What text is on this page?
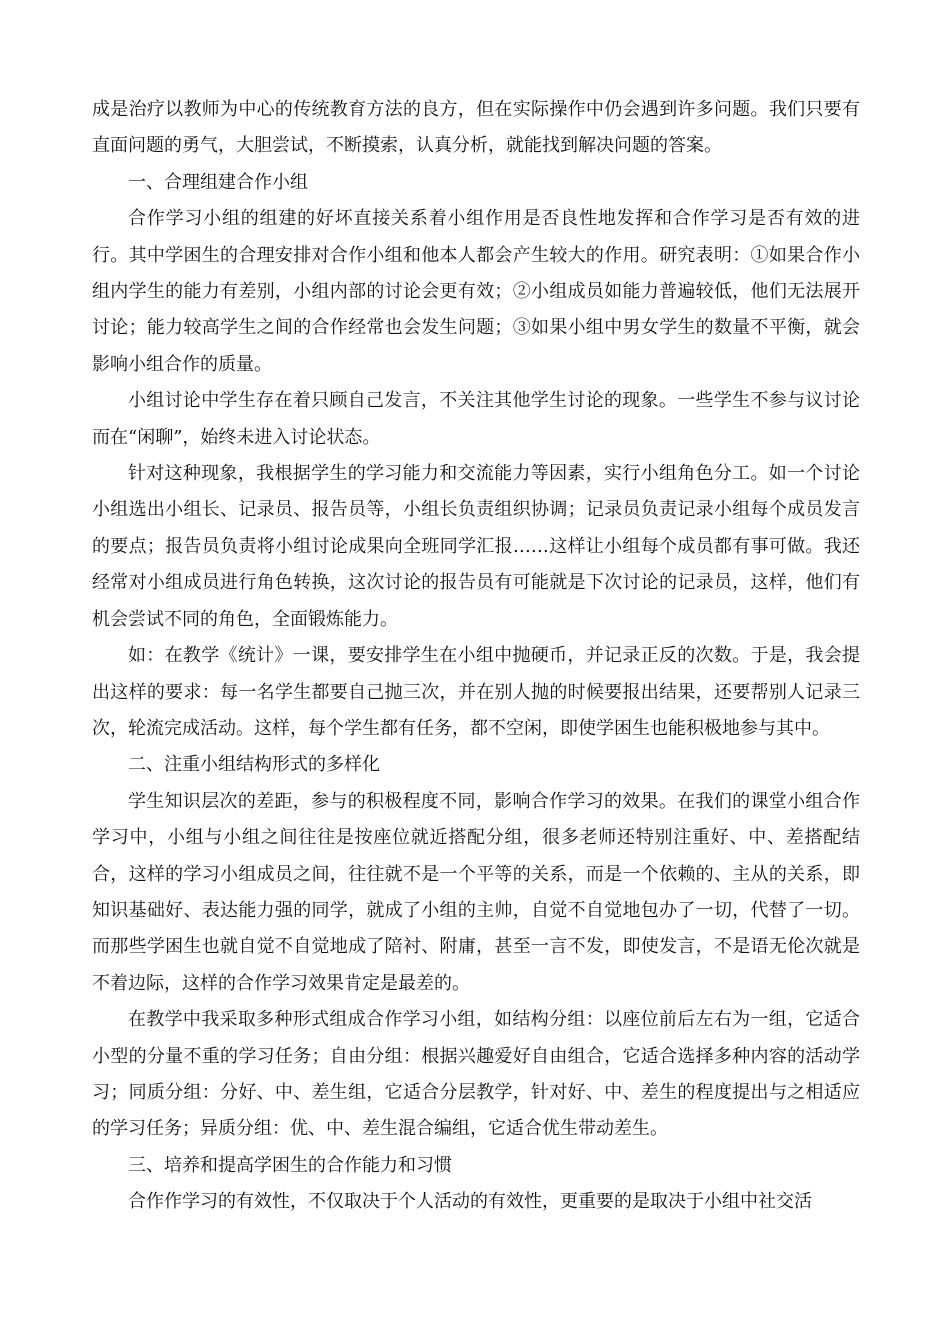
成是治疗以教师为中心的传统教育方法的良方，但在实际操作中仍会遇到许多问题。我们只要有直面问题的勇气，大胆尝试，不断摸索，认真分析，就能找到解决问题的答案。

一、合理组建合作小组

合作学习小组的组建的好坏直接关系着小组作用是否良性地发挥和合作学习是否有效的进行。其中学困生的合理安排对合作小组和他本人都会产生较大的作用。研究表明：①如果合作小组内学生的能力有差别，小组内部的讨论会更有效；②小组成员如能力普遍较低，他们无法展开讨论；能力较高学生之间的合作经常也会发生问题；③如果小组中男女学生的数量不平衡，就会影响小组合作的质量。

小组讨论中学生存在着只顾自己发言，不关注其他学生讨论的现象。一些学生不参与议讨论而在“闲聊”，始终未进入讨论状态。

针对这种现象，我根据学生的学习能力和交流能力等因素，实行小组角色分工。如一个讨论小组选出小组长、记录员、报告员等，小组长负责组织协调；记录员负责记录小组每个成员发言的要点；报告员负责将小组讨论成果向全班同学汇报……这样让小组每个成员都有事可做。我还经常对小组成员进行角色转换，这次讨论的报告员有可能就是下次讨论的记录员，这样，他们有机会尝试不同的角色，全面锻炼能力。

如：在教学《统计》一课，要安排学生在小组中抛硬币，并记录正反的次数。于是，我会提出这样的要求：每一名学生都要自己抛三次，并在别人抛的时候要报出结果，还要帮别人记录三次，轮流完成活动。这样，每个学生都有任务，都不空闲，即使学困生也能积极地参与其中。

二、注重小组结构形式的多样化

学生知识层次的差距，参与的积极程度不同，影响合作学习的效果。在我们的课堂小组合作学习中，小组与小组之间往往是按座位就近搭配分组，很多老师还特别注重好、中、差搭配结合，这样的学习小组成员之间，往往就不是一个平等的关系，而是一个依赖的、主从的关系，即知识基础好、表达能力强的同学，就成了小组的主帅，自觉不自觉地包办了一切，代替了一切。而那些学困生也就自觉不自觉地成了陪衬、附庸，甚至一言不发，即使发言，不是语无伦次就是不着边际，这样的合作学习效果肯定是最差的。

在教学中我采取多种形式组成合作学习小组，如结构分组：以座位前后左右为一组，它适合小型的分量不重的学习任务；自由分组：根据兴趣爱好自由组合，它适合选择多种内容的活动学习；同质分组：分好、中、差生组，它适合分层教学，针对好、中、差生的程度提出与之相适应的学习任务；异质分组：优、中、差生混合编组，它适合优生带动差生。

三、培养和提高学困生的合作能力和习惯

合作作学习的有效性，不仅取决于个人活动的有效性，更重要的是取决于小组中社交活
